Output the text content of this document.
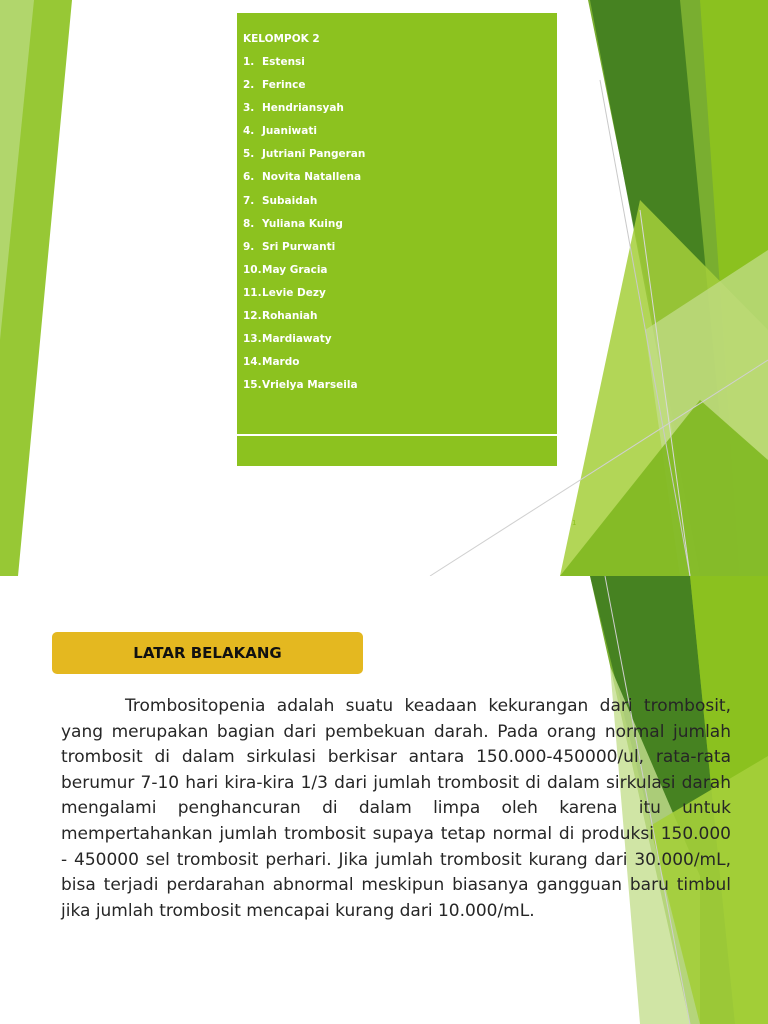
KELOMPOK 2
1. Estensi
2. Ferince
3. Hendriansyah
4. Juaniwati
5. Jutriani Pangeran
6. Novita Natallena
7. Subaidah
8. Yuliana Kuing
9. Sri Purwanti
10.May Gracia
11.Levie Dezy
12.Rohaniah
13.Mardiawaty
14.Mardo
15.Vrielya Marseila
1
LATAR BELAKANG

Trombositopenia adalah suatu keadaan kekurangan dari trombosit, yang merupakan bagian dari pembekuan darah. Pada orang normal jumlah trombosit di dalam sirkulasi berkisar antara 150.000-450000/ul, rata-rata berumur 7-10 hari kira-kira 1/3 dari jumlah trombosit di dalam sirkulasi darah mengalami penghancuran di dalam limpa oleh karena itu untuk mempertahankan jumlah trombosit supaya tetap normal di produksi 150.000 - 450000 sel trombosit perhari. Jika jumlah trombosit kurang dari 30.000/mL, bisa terjadi perdarahan abnormal meskipun biasanya gangguan baru timbul jika jumlah trombosit mencapai kurang dari 10.000/mL.
